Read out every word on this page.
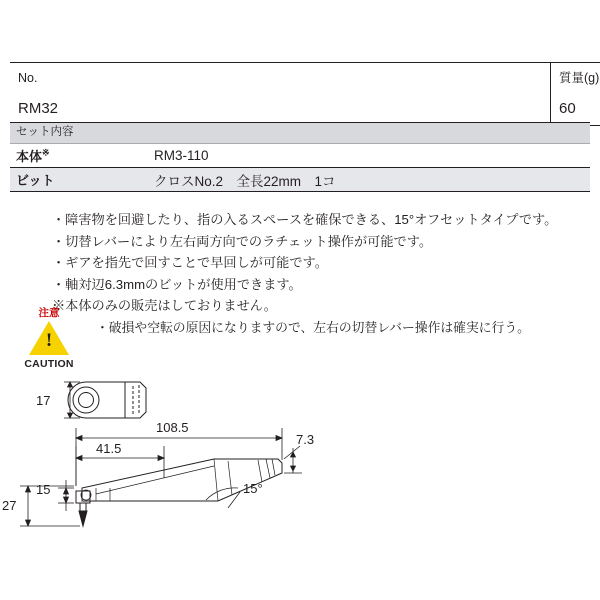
No.	質量(g)
RM32	60
セット内容
本体※	RM3-110
ビット	クロスNo.2　全長22mm　1コ
・障害物を回避したり、指の入るスペースを確保できる、15°オフセットタイプです。
・切替レバーにより左右両方向でのラチェット操作が可能です。
・ギアを指先で回すことで早回しが可能です。
・軸対辺6.3mmのビットが使用できます。
※本体のみの販売はしておりません。
注意
!
CAUTION
・破損や空転の原因になりますので、左右の切替レバー操作は確実に行う。
17
108.5
41.5
7.3
15°
15
27
